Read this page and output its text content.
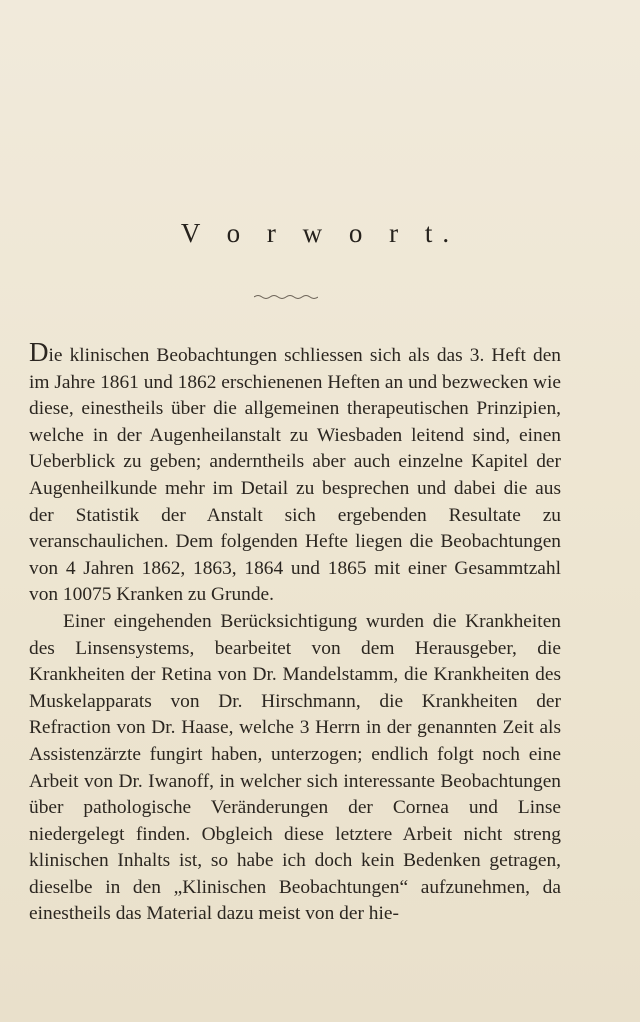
V o r w o r t.

Die klinischen Beobachtungen schliessen sich als das 3. Heft den im Jahre 1861 und 1862 erschienenen Heften an und bezwecken wie diese, einestheils über die allgemeinen therapeutischen Prinzipien, welche in der Augenheilanstalt zu Wiesbaden leitend sind, einen Ueberblick zu geben; anderntheils aber auch einzelne Kapitel der Augenheilkunde mehr im Detail zu besprechen und dabei die aus der Statistik der Anstalt sich ergebenden Resultate zu veranschaulichen. Dem folgenden Hefte liegen die Beobachtungen von 4 Jahren 1862, 1863, 1864 und 1865 mit einer Gesammtzahl von 10075 Kranken zu Grunde.

Einer eingehenden Berücksichtigung wurden die Krankheiten des Linsensystems, bearbeitet von dem Herausgeber, die Krankheiten der Retina von Dr. Mandelstamm, die Krankheiten des Muskelapparats von Dr. Hirschmann, die Krankheiten der Refraction von Dr. Haase, welche 3 Herrn in der genannten Zeit als Assistenzärzte fungirt haben, unterzogen; endlich folgt noch eine Arbeit von Dr. Iwanoff, in welcher sich interessante Beobachtungen über pathologische Veränderungen der Cornea und Linse niedergelegt finden. Obgleich diese letztere Arbeit nicht streng klinischen Inhalts ist, so habe ich doch kein Bedenken getragen, dieselbe in den „Klinischen Beobachtungen“ aufzunehmen, da einestheils das Material dazu meist von der hie-
